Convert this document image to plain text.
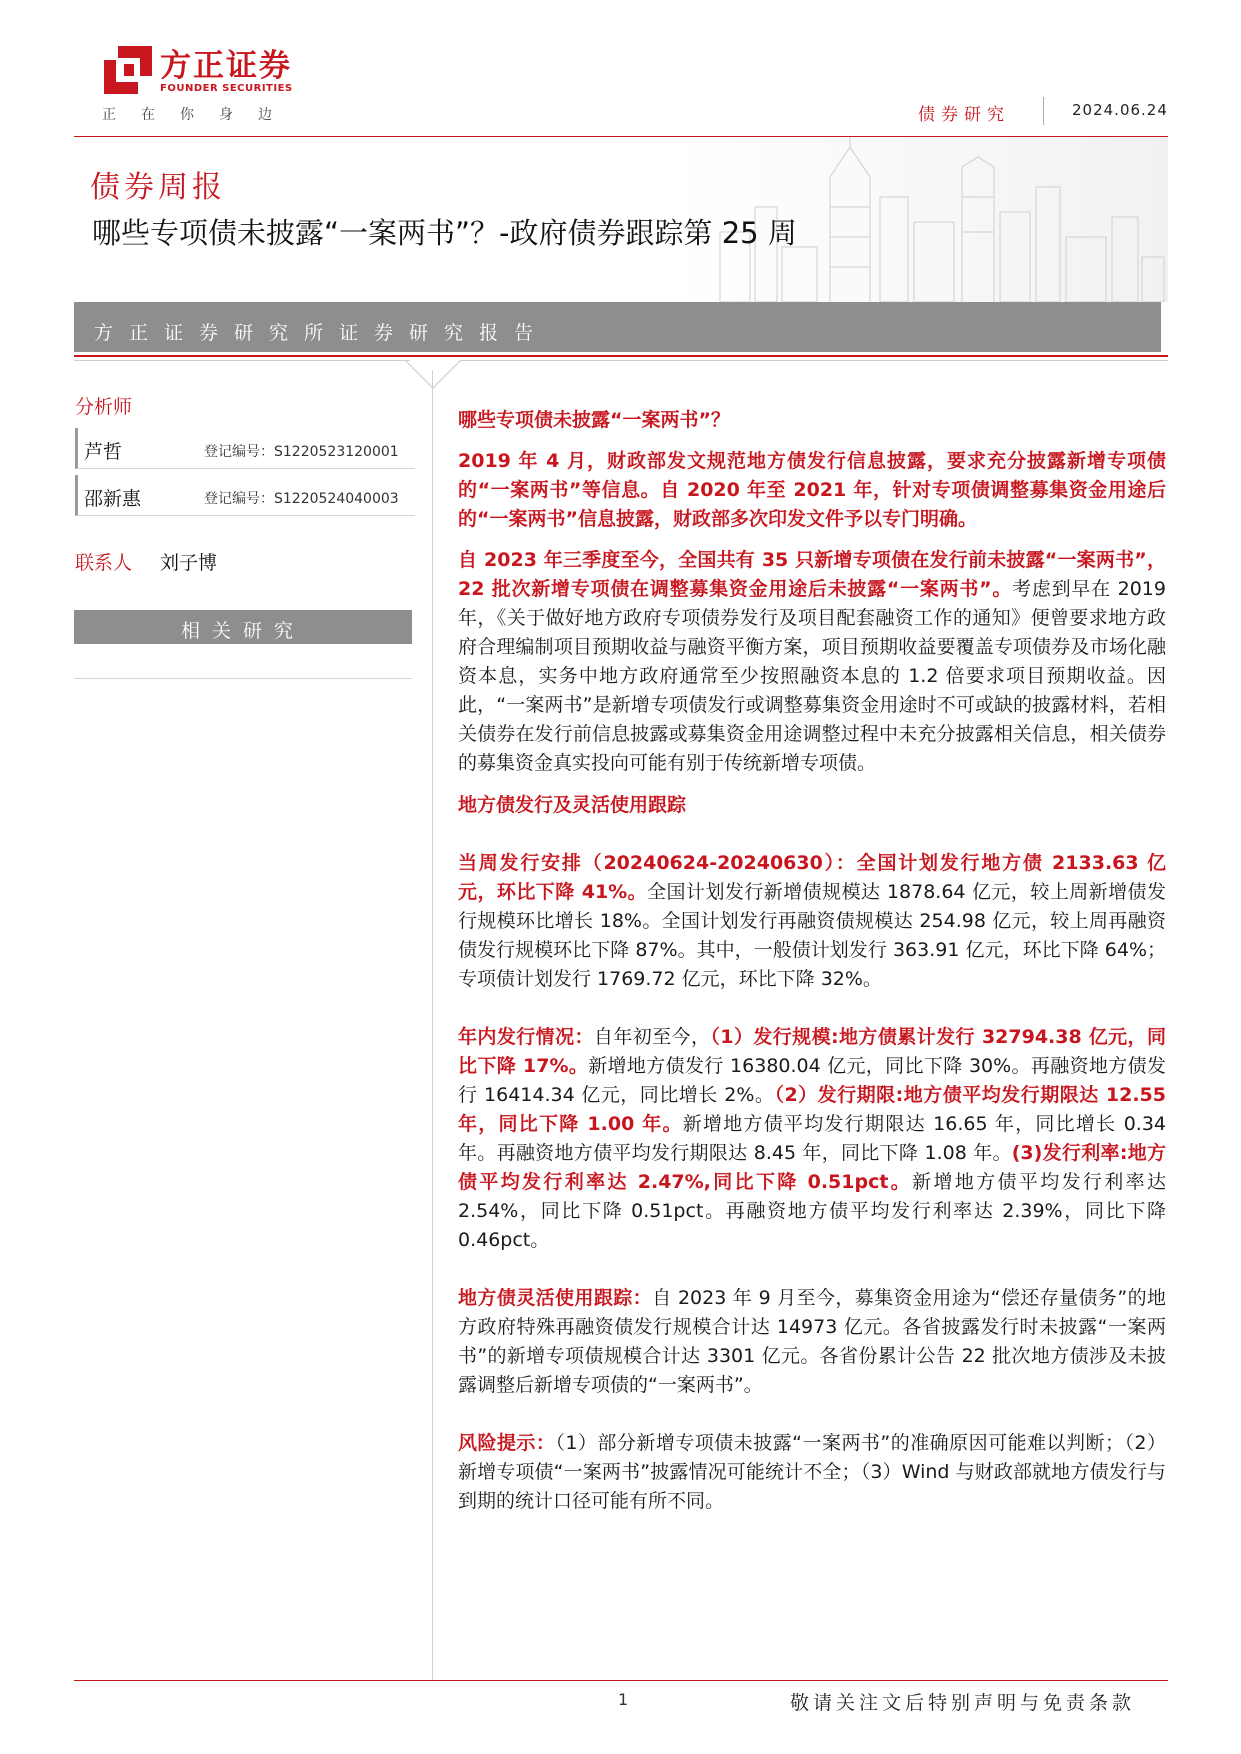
方正证券
FOUNDER SECURITIES
正在你身边	债券研究	2024.06.24
债券周报
哪些专项债未披露“一案两书”？-政府债券跟踪第 25 周
方正证券研究所证券研究报告
分析师
芦哲	登记编号：S1220523120001
邵新惠	登记编号：S1220524040003
联系人 刘子博
相关研究

哪些专项债未披露“一案两书”？

2019 年 4 月，财政部发文规范地方债发行信息披露，要求充分披露新增专项债的“一案两书”等信息。自 2020 年至 2021 年，针对专项债调整募集资金用途后的“一案两书”信息披露，财政部多次印发文件予以专门明确。

自 2023 年三季度至今，全国共有 35 只新增专项债在发行前未披露“一案两书”，22 批次新增专项债在调整募集资金用途后未披露“一案两书”。考虑到早在 2019 年，《关于做好地方政府专项债券发行及项目配套融资工作的通知》便曾要求地方政府合理编制项目预期收益与融资平衡方案，项目预期收益要覆盖专项债券及市场化融资本息，实务中地方政府通常至少按照融资本息的 1.2 倍要求项目预期收益。因此，“一案两书”是新增专项债发行或调整募集资金用途时不可或缺的披露材料，若相关债券在发行前信息披露或募集资金用途调整过程中未充分披露相关信息，相关债券的募集资金真实投向可能有别于传统新增专项债。

地方债发行及灵活使用跟踪

当周发行安排（20240624-20240630）：全国计划发行地方债 2133.63 亿元，环比下降 41%。全国计划发行新增债规模达 1878.64 亿元，较上周新增债发行规模环比增长 18%。全国计划发行再融资债规模达 254.98 亿元，较上周再融资债发行规模环比下降 87%。其中，一般债计划发行 363.91 亿元，环比下降 64%；专项债计划发行 1769.72 亿元，环比下降 32%。

年内发行情况：自年初至今，（1）发行规模:地方债累计发行 32794.38 亿元，同比下降 17%。新增地方债发行 16380.04 亿元，同比下降 30%。再融资地方债发行 16414.34 亿元，同比增长 2%。（2）发行期限:地方债平均发行期限达 12.55 年，同比下降 1.00 年。新增地方债平均发行期限达 16.65 年，同比增长 0.34 年。再融资地方债平均发行期限达 8.45 年，同比下降 1.08 年。(3)发行利率:地方债平均发行利率达 2.47%,同比下降 0.51pct。新增地方债平均发行利率达 2.54%，同比下降 0.51pct。再融资地方债平均发行利率达 2.39%，同比下降 0.46pct。

地方债灵活使用跟踪：自 2023 年 9 月至今，募集资金用途为“偿还存量债务”的地方政府特殊再融资债发行规模合计达 14973 亿元。各省披露发行时未披露“一案两书”的新增专项债规模合计达 3301 亿元。各省份累计公告 22 批次地方债涉及未披露调整后新增专项债的“一案两书”。

风险提示：（1）部分新增专项债未披露“一案两书”的准确原因可能难以判断；（2）新增专项债“一案两书”披露情况可能统计不全；（3）Wind 与财政部就地方债发行与到期的统计口径可能有所不同。

1	敬请关注文后特别声明与免责条款
